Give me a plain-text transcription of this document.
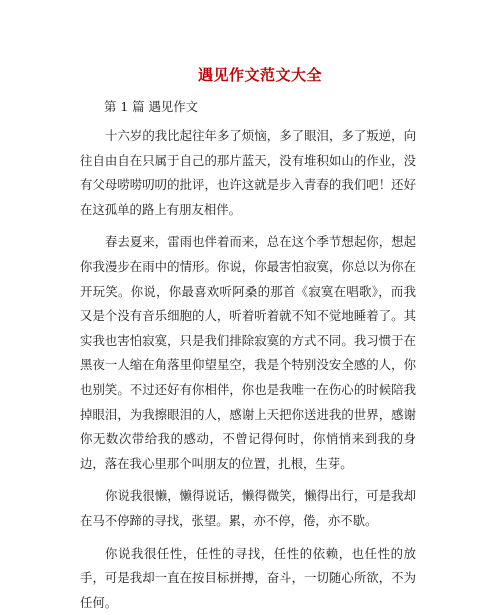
遇见作文范文大全
第 1 篇 遇见作文

十六岁的我比起往年多了烦恼，多了眼泪，多了叛逆，向往自由自在只属于自己的那片蓝天，没有堆积如山的作业，没有父母唠唠叨叨的批评，也许这就是步入青春的我们吧！还好在这孤单的路上有朋友相伴。

春去夏来，雷雨也伴着而来，总在这个季节想起你，想起你我漫步在雨中的情形。你说，你最害怕寂寞，你总以为你在开玩笑。你说，你最喜欢听阿桑的那首《寂寞在唱歌》，而我又是个没有音乐细胞的人，听着听着就不知不觉地睡着了。其实我也害怕寂寞，只是我们排除寂寞的方式不同。我习惯于在黑夜一人缩在角落里仰望星空，我是个特别没安全感的人，你也别笑。不过还好有你相伴，你也是我唯一在伤心的时候陪我掉眼泪，为我擦眼泪的人，感谢上天把你送进我的世界，感谢你无数次带给我的感动，不曾记得何时，你悄悄来到我的身边，落在我心里那个叫朋友的位置，扎根，生芽。

你说我很懒，懒得说话，懒得微笑，懒得出行，可是我却在马不停蹄的寻找，张望。累，亦不停，倦，亦不歇。

你说我很任性，任性的寻找，任性的依赖，也任性的放手，可是我却一直在按目标拼搏，奋斗，一切随心所欲，不为任何。
